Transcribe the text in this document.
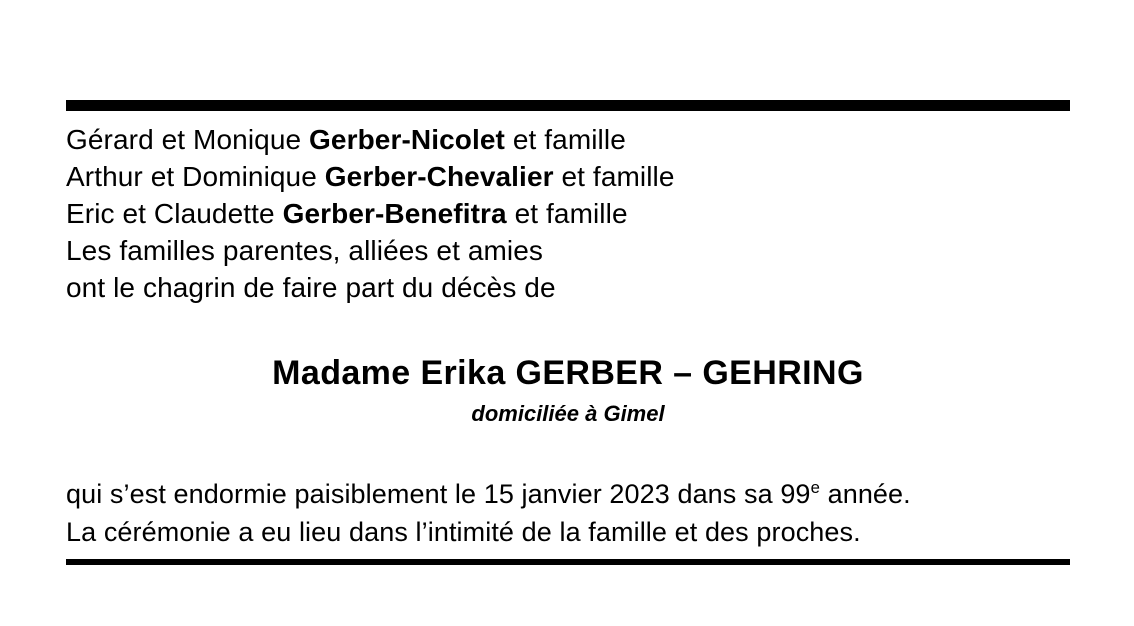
Gérard et Monique Gerber-Nicolet et famille
Arthur et Dominique Gerber-Chevalier et famille
Eric et Claudette Gerber-Benefitra et famille
Les familles parentes, alliées et amies
ont le chagrin de faire part du décès de
Madame Erika GERBER – GEHRING
domiciliée à Gimel
qui s’est endormie paisiblement le 15 janvier 2023 dans sa 99e année.
La cérémonie a eu lieu dans l’intimité de la famille et des proches.
